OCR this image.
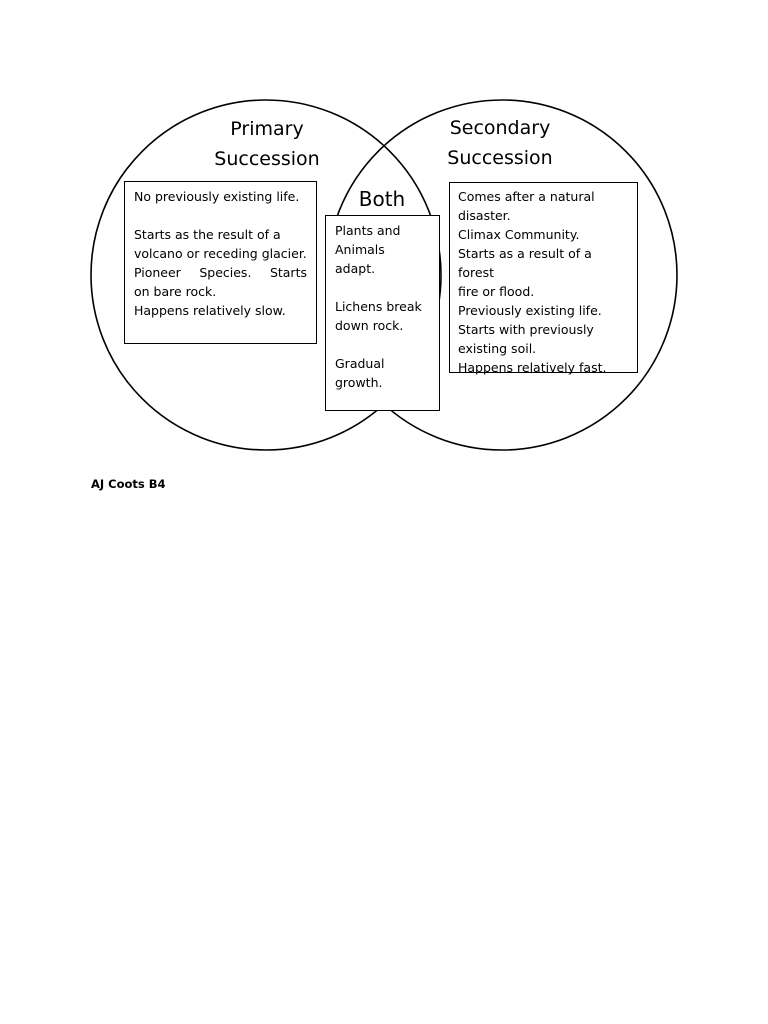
Primary
Succession
Secondary
Succession
Both
No previously existing life.
Starts as the result of a
volcano or receding glacier.
Pioneer Species. Starts
on bare rock.
Happens relatively slow.
Plants and
Animals
adapt.
Lichens break
down rock.
Gradual
growth.
Comes after a natural
disaster.
Climax Community.
Starts as a result of a forest
fire or flood.
Previously existing life.
Starts with previously
existing soil.
Happens relatively fast.
AJ Coots B4
